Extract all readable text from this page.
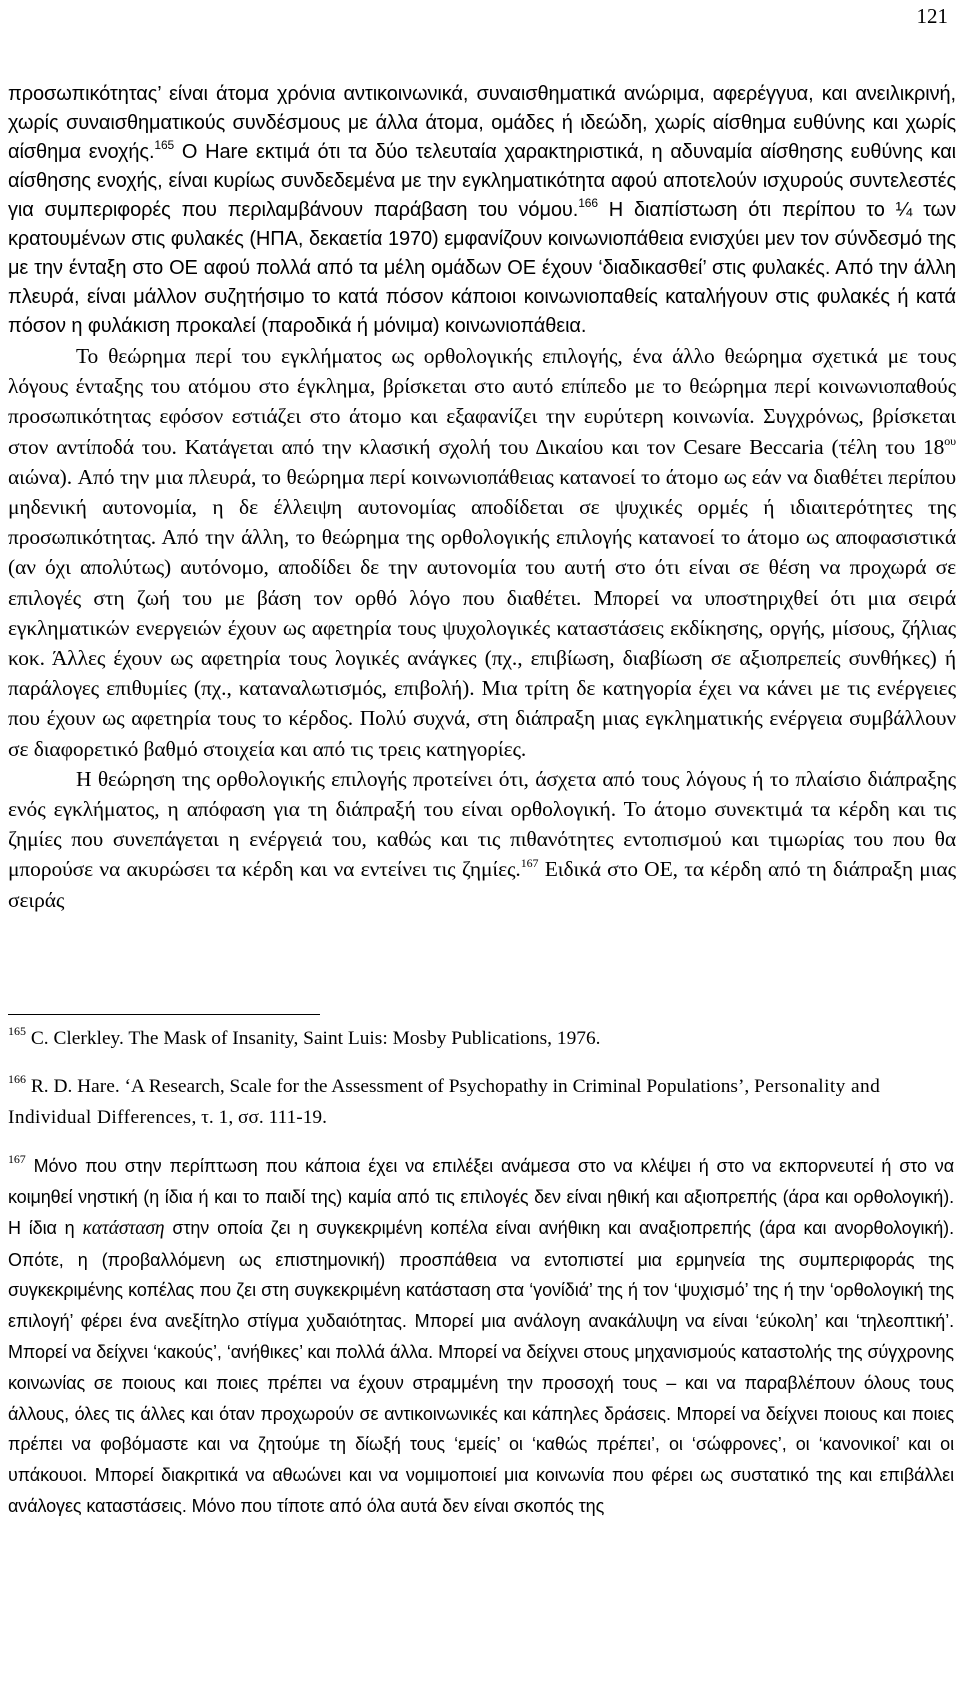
121

προσωπικότητας’ είναι άτομα χρόνια αντικοινωνικά, συναισθηματικά ανώριμα, αφερέγγυα, και ανειλικρινή, χωρίς συναισθηματικούς συνδέσμους με άλλα άτομα, ομάδες ή ιδεώδη, χωρίς αίσθημα ευθύνης και χωρίς αίσθημα ενοχής.$^{165}$ Ο Hare εκτιμά ότι τα δύο τελευταία χαρακτηριστικά, η αδυναμία αίσθησης ευθύνης και αίσθησης ενοχής, είναι κυρίως συνδεδεμένα με την εγκληματικότητα αφού αποτελούν ισχυρούς συντελεστές για συμπεριφορές που περιλαμβάνουν παράβαση του νόμου.$^{166}$ Η διαπίστωση ότι περίπου το ¼ των κρατουμένων στις φυλακές (ΗΠΑ, δεκαετία 1970) εμφανίζουν κοινωνιοπάθεια ενισχύει μεν τον σύνδεσμό της με την ένταξη στο ΟΕ αφού πολλά από τα μέλη ομάδων ΟΕ έχουν ‘διαδικασθεί’ στις φυλακές. Από την άλλη πλευρά, είναι μάλλον συζητήσιμο το κατά πόσον κάποιοι κοινωνιοπαθείς καταλήγουν στις φυλακές ή κατά πόσον η φυλάκιση προκαλεί (παροδικά ή μόνιμα) κοινωνιοπάθεια.

Το θεώρημα περί του εγκλήματος ως ορθολογικής επιλογής, ένα άλλο θεώρημα σχετικά με τους λόγους ένταξης του ατόμου στο έγκλημα, βρίσκεται στο αυτό επίπεδο με το θεώρημα περί κοινωνιοπαθούς προσωπικότητας εφόσον εστιάζει στο άτομο και εξαφανίζει την ευρύτερη κοινωνία. Συγχρόνως, βρίσκεται στον αντίποδά του. Κατάγεται από την κλασική σχολή του Δικαίου και τον Cesare Beccaria (τέλη του $18^{o\upsilon}$ αιώνα). Από την μια πλευρά, το θεώρημα περί κοινωνιοπάθειας κατανοεί το άτομο ως εάν να διαθέτει περίπου μηδενική αυτονομία, η δε έλλειψη αυτονομίας αποδίδεται σε ψυχικές ορμές ή ιδιαιτερότητες της προσωπικότητας. Από την άλλη, το θεώρημα της ορθολογικής επιλογής κατανοεί το άτομο ως αποφασιστικά (αν όχι απολύτως) αυτόνομο, αποδίδει δε την αυτονομία του αυτή στο ότι είναι σε θέση να προχωρά σε επιλογές στη ζωή του με βάση τον ορθό λόγο που διαθέτει. Μπορεί να υποστηριχθεί ότι μια σειρά εγκληματικών ενεργειών έχουν ως αφετηρία τους ψυχολογικές καταστάσεις εκδίκησης, οργής, μίσους, ζήλιας κοκ. Άλλες έχουν ως αφετηρία τους λογικές ανάγκες (πχ., επιβίωση, διαβίωση σε αξιοπρεπείς συνθήκες) ή παράλογες επιθυμίες (πχ., καταναλωτισμός, επιβολή). Μια τρίτη δε κατηγορία έχει να κάνει με τις ενέργειες που έχουν ως αφετηρία τους το κέρδος. Πολύ συχνά, στη διάπραξη μιας εγκληματικής ενέργεια συμβάλλουν σε διαφορετικό βαθμό στοιχεία και από τις τρεις κατηγορίες.

Η θεώρηση της ορθολογικής επιλογής προτείνει ότι, άσχετα από τους λόγους ή το πλαίσιο διάπραξης ενός εγκλήματος, η απόφαση για τη διάπραξή του είναι ορθολογική. Το άτομο συνεκτιμά τα κέρδη και τις ζημίες που συνεπάγεται η ενέργειά του, καθώς και τις πιθανότητες εντοπισμού και τιμωρίας του που θα μπορούσε να ακυρώσει τα κέρδη και να εντείνει τις ζημίες.$^{167}$ Ειδικά στο ΟΕ, τα κέρδη από τη διάπραξη μιας σειράς

$^{165}$ C. Clerkley. The Mask of Insanity, Saint Luis: Mosby Publications, 1976.

$^{166}$ R. D. Hare. ‘A Research, Scale for the Assessment of Psychopathy in Criminal Populations’, Personality and Individual Differences, τ. 1, σσ. 111-19.

$^{167}$ Μόνο που στην περίπτωση που κάποια έχει να επιλέξει ανάμεσα στο να κλέψει ή στο να εκπορνευτεί ή στο να κοιμηθεί νηστική (η ίδια ή και το παιδί της) καμία από τις επιλογές δεν είναι ηθική και αξιοπρεπής (άρα και ορθολογική). Η ίδια η κατάσταση στην οποία ζει η συγκεκριμένη κοπέλα είναι ανήθικη και αναξιοπρεπής (άρα και ανορθολογική). Οπότε, η (προβαλλόμενη ως επιστημονική) προσπάθεια να εντοπιστεί μια ερμηνεία της συμπεριφοράς της συγκεκριμένης κοπέλας που ζει στη συγκεκριμένη κατάσταση στα ‘γονίδιά’ της ή τον ‘ψυχισμό’ της ή την ‘ορθολογική της επιλογή’ φέρει ένα ανεξίτηλο στίγμα χυδαιότητας. Μπορεί μια ανάλογη ανακάλυψη να είναι ‘εύκολη’ και ‘τηλεοπτική’. Μπορεί να δείχνει ‘κακούς’, ‘ανήθικες’ και πολλά άλλα. Μπορεί να δείχνει στους μηχανισμούς καταστολής της σύγχρονης κοινωνίας σε ποιους και ποιες πρέπει να έχουν στραμμένη την προσοχή τους – και να παραβλέπουν όλους τους άλλους, όλες τις άλλες και όταν προχωρούν σε αντικοινωνικές και κάπηλες δράσεις. Μπορεί να δείχνει ποιους και ποιες πρέπει να φοβόμαστε και να ζητούμε τη δίωξή τους ‘εμείς’ οι ‘καθώς πρέπει’, οι ‘σώφρονες’, οι ‘κανονικοί’ και οι υπάκουοι. Μπορεί διακριτικά να αθωώνει και να νομιμοποιεί μια κοινωνία που φέρει ως συστατικό της και επιβάλλει ανάλογες καταστάσεις. Μόνο που τίποτε από όλα αυτά δεν είναι σκοπός της
